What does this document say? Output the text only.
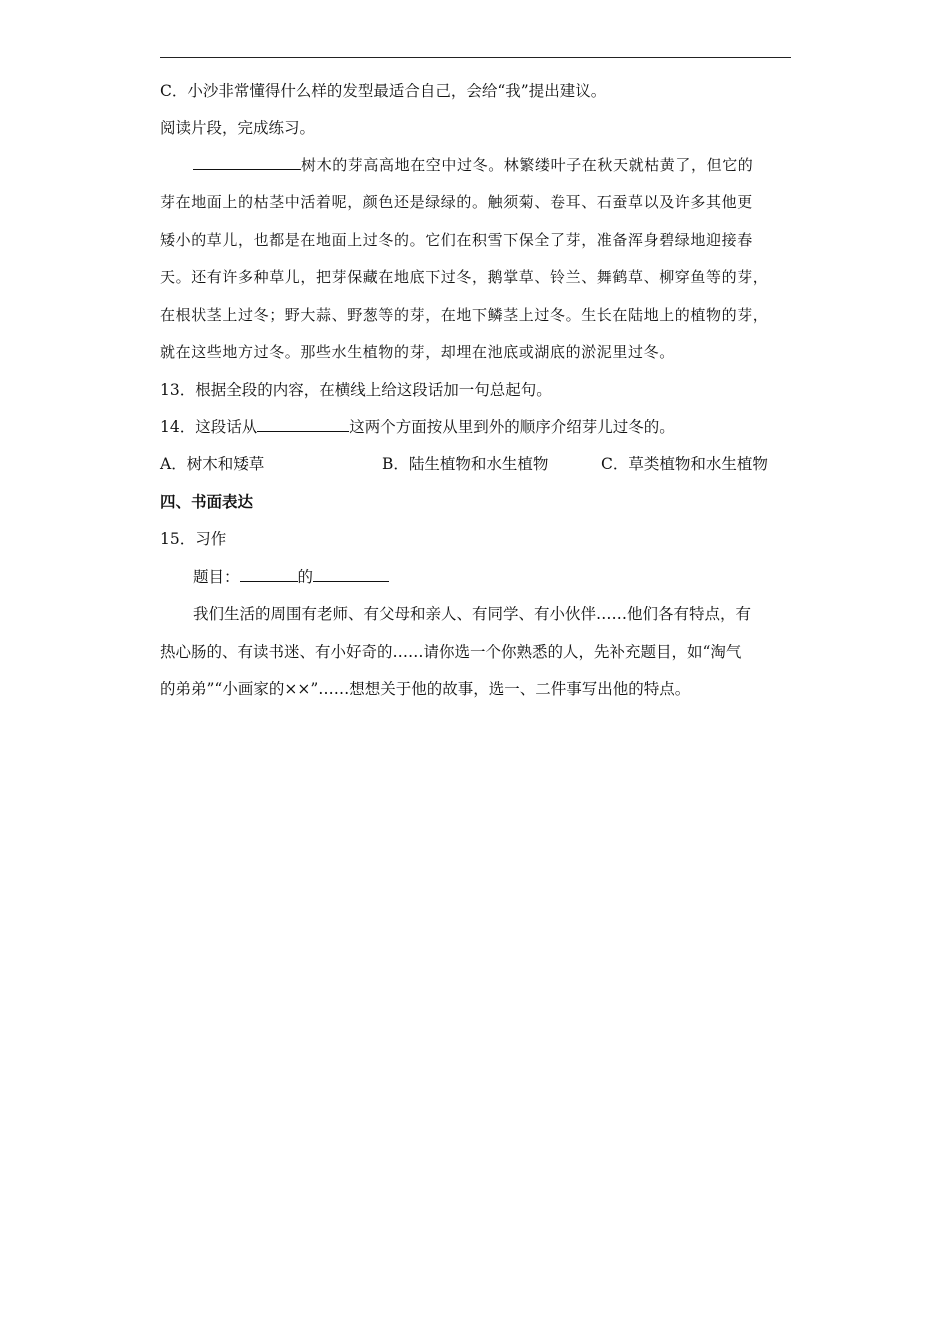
C．小沙非常懂得什么样的发型最适合自己，会给“我”提出建议。
阅读片段，完成练习。
树木的芽高高地在空中过冬。林繁缕叶子在秋天就枯黄了，但它的
芽在地面上的枯茎中活着呢，颜色还是绿绿的。触须菊、卷耳、石蚕草以及许多其他更
矮小的草儿，也都是在地面上过冬的。它们在积雪下保全了芽，准备浑身碧绿地迎接春
天。还有许多种草儿，把芽保藏在地底下过冬，鹅掌草、铃兰、舞鹤草、柳穿鱼等的芽，
在根状茎上过冬；野大蒜、野葱等的芽，在地下鳞茎上过冬。生长在陆地上的植物的芽，
就在这些地方过冬。那些水生植物的芽，却埋在池底或湖底的淤泥里过冬。
13．根据全段的内容，在横线上给这段话加一句总起句。
14．这段话从	这两个方面按从里到外的顺序介绍芽儿过冬的。
A．树木和矮草	B．陆生植物和水生植物	C．草类植物和水生植物
四、书面表达
15．习作
题目：	的
我们生活的周围有老师、有父母和亲人、有同学、有小伙伴……他们各有特点，有
热心肠的、有读书迷、有小好奇的……请你选一个你熟悉的人，先补充题目，如“淘气
的弟弟”“小画家的××”……想想关于他的故事，选一、二件事写出他的特点。
